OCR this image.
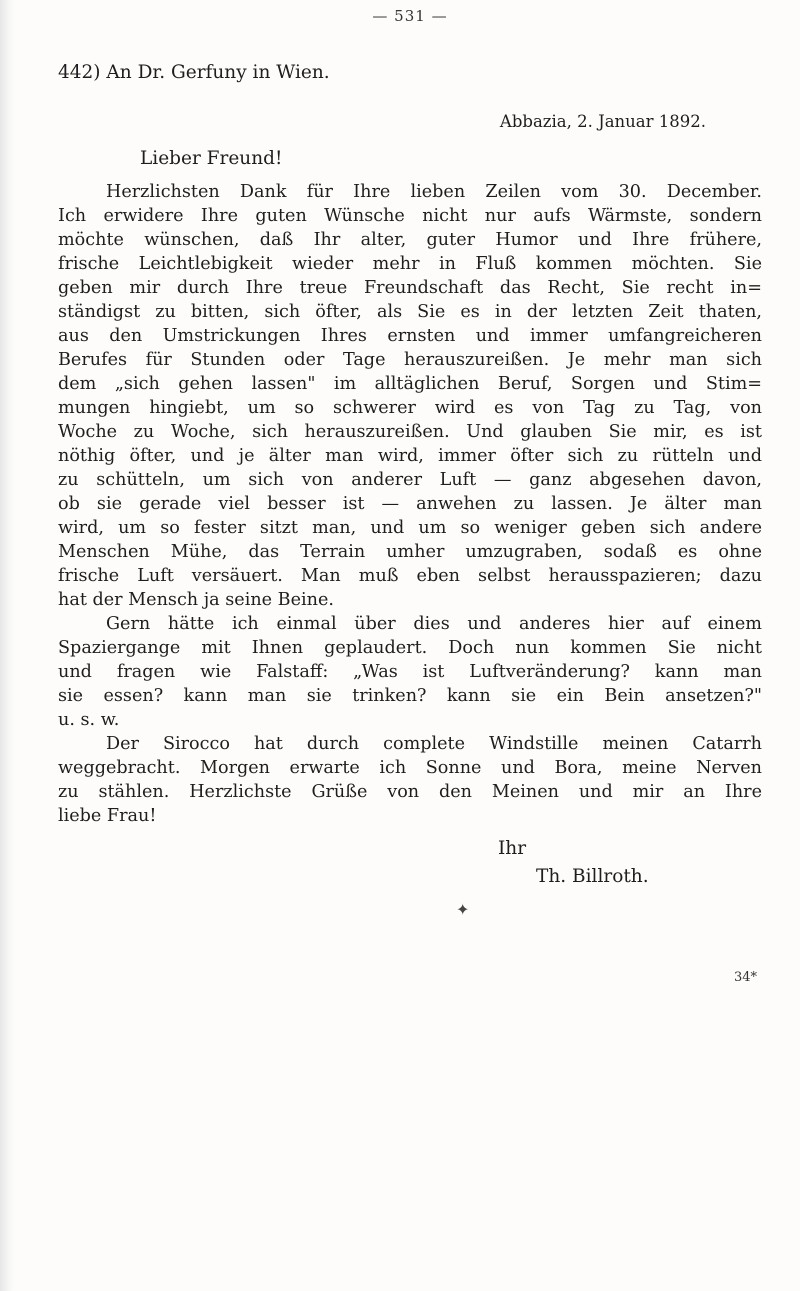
— 531 —
442) An Dr. Gerfuny in Wien.
Abbazia, 2. Januar 1892.
Lieber Freund!
Herzlichsten Dank für Ihre lieben Zeilen vom 30. December.
Ich erwidere Ihre guten Wünsche nicht nur aufs Wärmste, sondern
möchte wünschen, daß Ihr alter, guter Humor und Ihre frühere,
frische Leichtlebigkeit wieder mehr in Fluß kommen möchten. Sie
geben mir durch Ihre treue Freundschaft das Recht, Sie recht in=
ständigst zu bitten, sich öfter, als Sie es in der letzten Zeit thaten,
aus den Umstrickungen Ihres ernsten und immer umfangreicheren
Berufes für Stunden oder Tage herauszureißen. Je mehr man sich
dem „sich gehen lassen" im alltäglichen Beruf, Sorgen und Stim=
mungen hingiebt, um so schwerer wird es von Tag zu Tag, von
Woche zu Woche, sich herauszureißen. Und glauben Sie mir, es ist
nöthig öfter, und je älter man wird, immer öfter sich zu rütteln und
zu schütteln, um sich von anderer Luft — ganz abgesehen davon,
ob sie gerade viel besser ist — anwehen zu lassen. Je älter man
wird, um so fester sitzt man, und um so weniger geben sich andere
Menschen Mühe, das Terrain umher umzugraben, sodaß es ohne
frische Luft versäuert. Man muß eben selbst herausspazieren; dazu
hat der Mensch ja seine Beine.
Gern hätte ich einmal über dies und anderes hier auf einem
Spaziergange mit Ihnen geplaudert. Doch nun kommen Sie nicht
und fragen wie Falstaff: „Was ist Luftveränderung? kann man
sie essen? kann man sie trinken? kann sie ein Bein ansetzen?"
u. s. w.
Der Sirocco hat durch complete Windstille meinen Catarrh
weggebracht. Morgen erwarte ich Sonne und Bora, meine Nerven
zu stählen. Herzlichste Grüße von den Meinen und mir an Ihre
liebe Frau!
Ihr
Th. Billroth.
✦
34*
